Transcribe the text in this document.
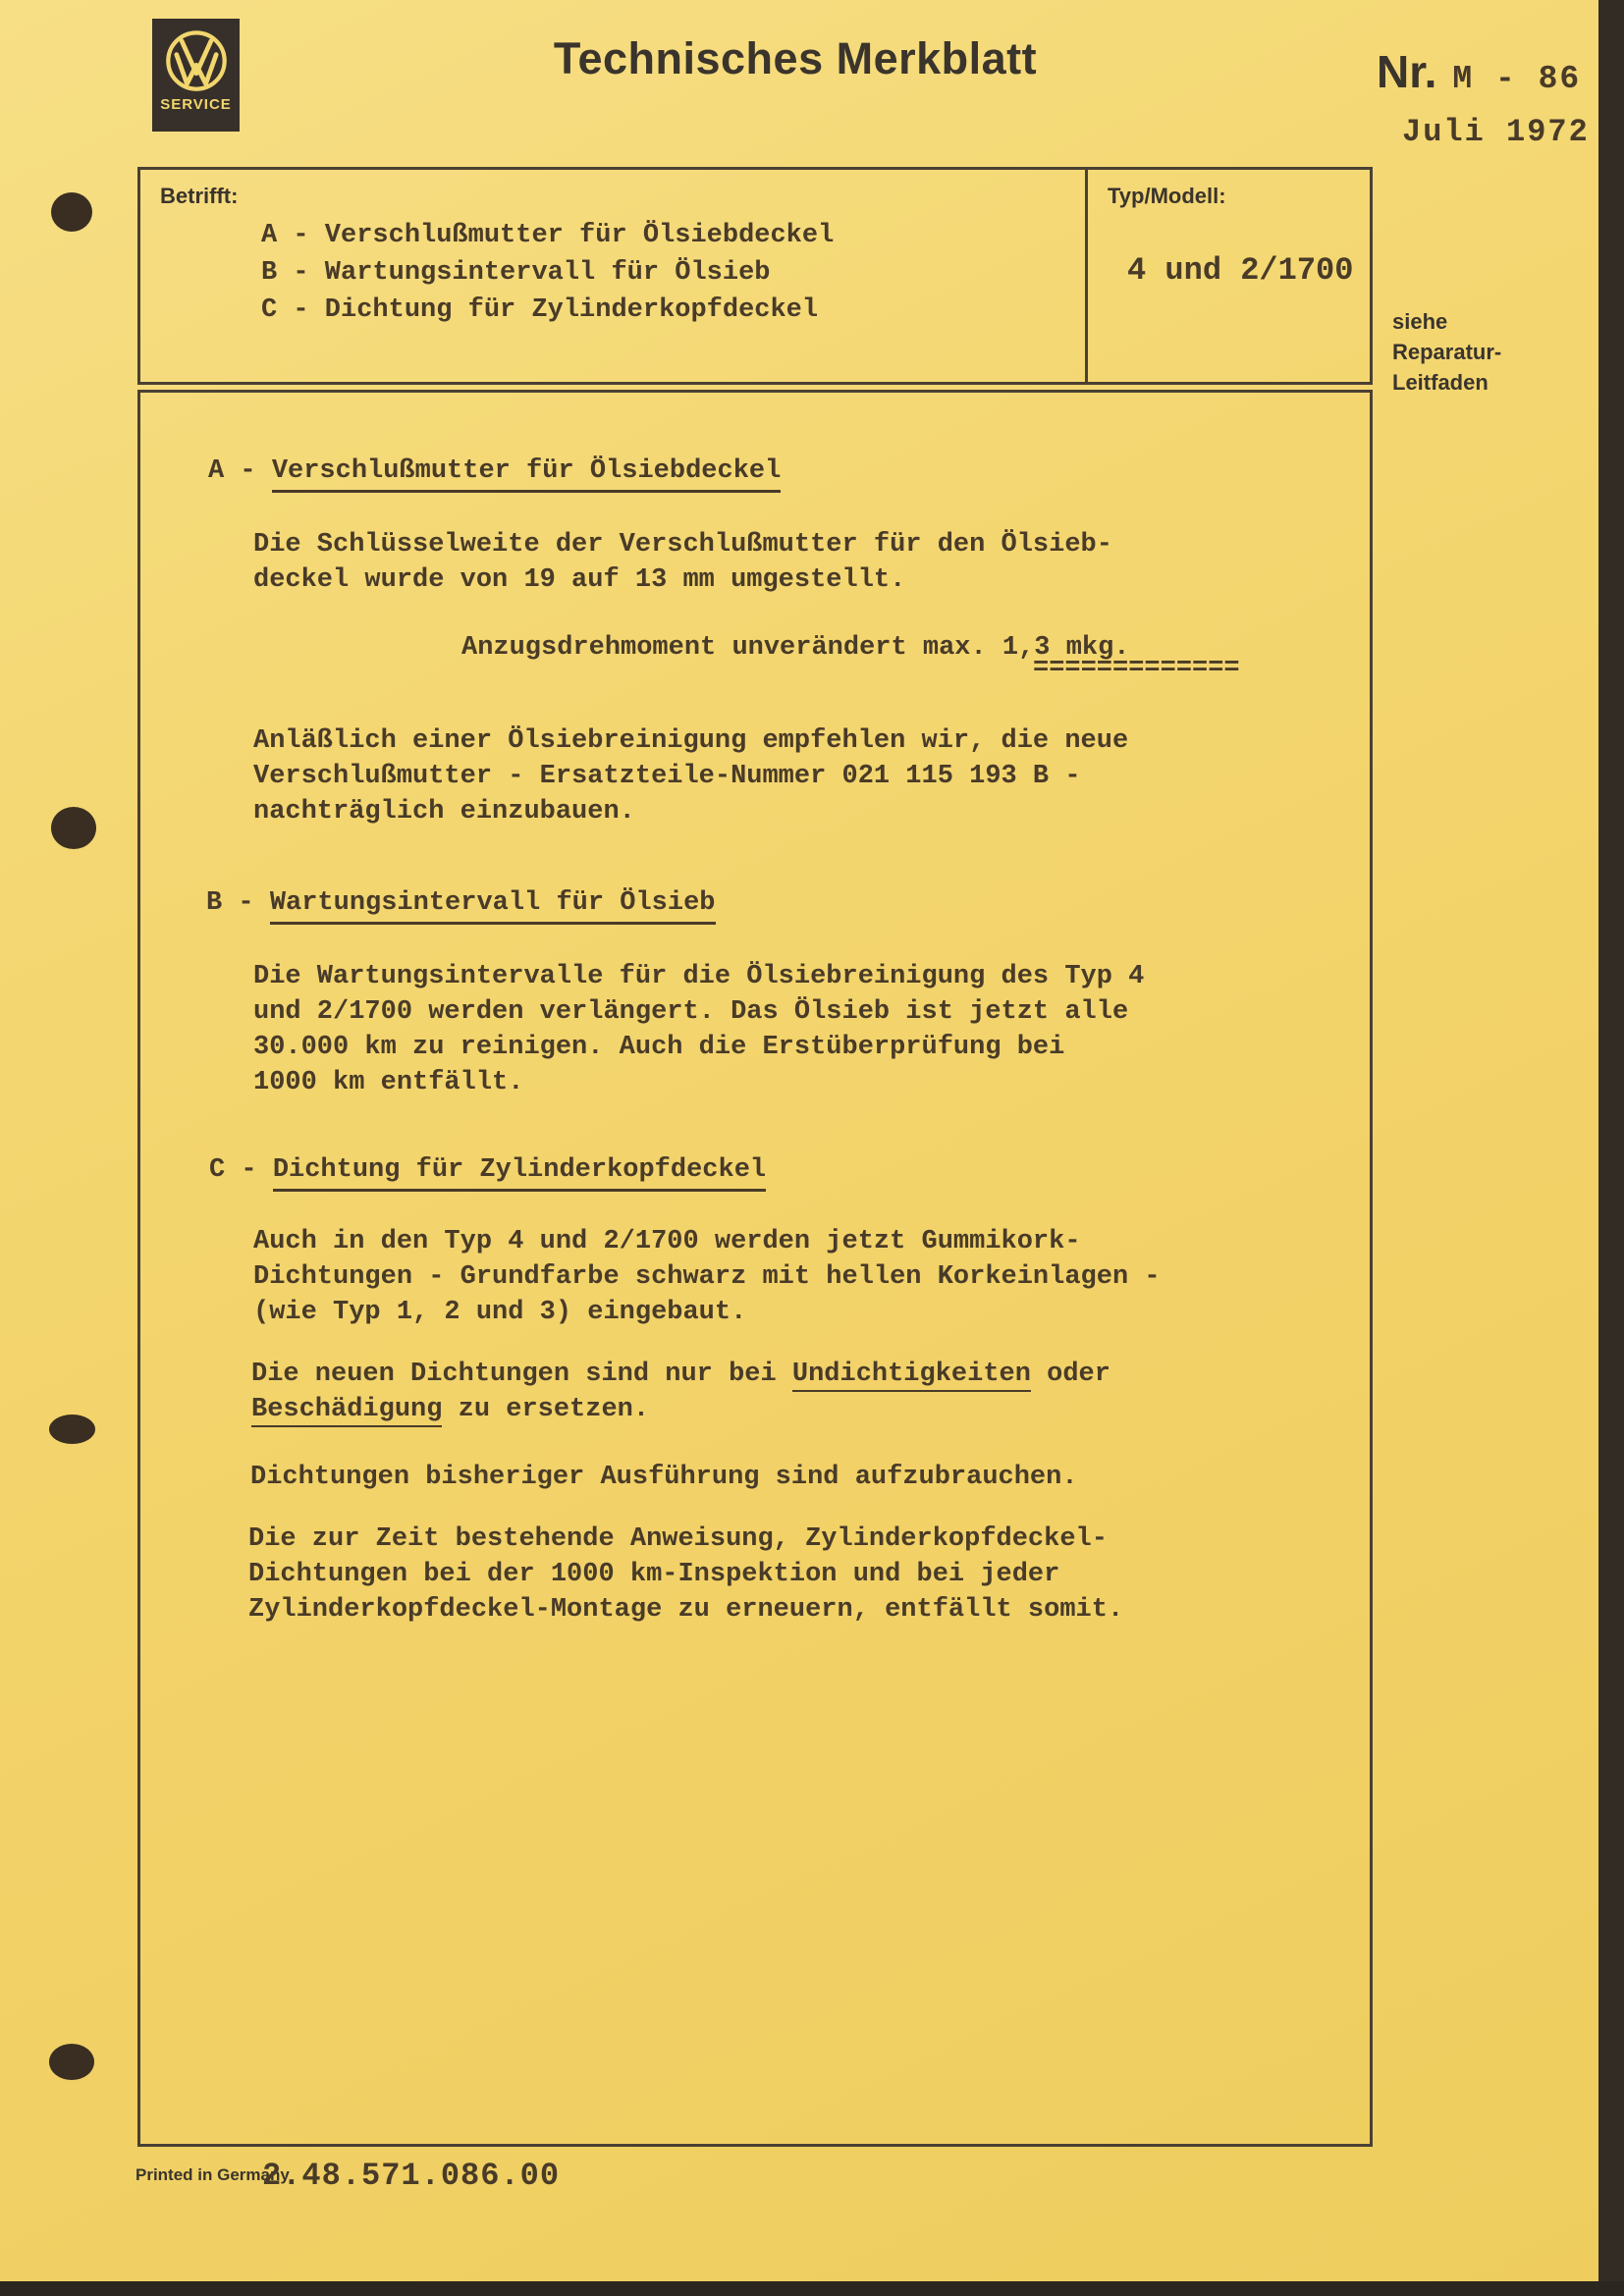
SERVICE
Technisches Merkblatt	Nr. M - 86
Juli 1972
Betrifft:
A - Verschlußmutter für Ölsiebdeckel
B - Wartungsintervall für Ölsieb
C - Dichtung für Zylinderkopfdeckel
Typ/Modell:
4 und 2/1700
siehe
Reparatur-
Leitfaden
A - Verschlußmutter für Ölsiebdeckel
Die Schlüsselweite der Verschlußmutter für den Ölsieb-
deckel wurde von 19 auf 13 mm umgestellt.
Anzugsdrehmoment unverändert max. 1,3 mkg.
=============
Anläßlich einer Ölsiebreinigung empfehlen wir, die neue
Verschlußmutter - Ersatzteile-Nummer 021 115 193 B -
nachträglich einzubauen.
B - Wartungsintervall für Ölsieb
Die Wartungsintervalle für die Ölsiebreinigung des Typ 4
und 2/1700 werden verlängert. Das Ölsieb ist jetzt alle
30.000 km zu reinigen. Auch die Erstüberprüfung bei
1000 km entfällt.
C - Dichtung für Zylinderkopfdeckel
Auch in den Typ 4 und 2/1700 werden jetzt Gummikork-
Dichtungen - Grundfarbe schwarz mit hellen Korkeinlagen -
(wie Typ 1, 2 und 3) eingebaut.
Die neuen Dichtungen sind nur bei Undichtigkeiten oder
Beschädigung zu ersetzen.
Dichtungen bisheriger Ausführung sind aufzubrauchen.
Die zur Zeit bestehende Anweisung, Zylinderkopfdeckel-
Dichtungen bei der 1000 km-Inspektion und bei jeder
Zylinderkopfdeckel-Montage zu erneuern, entfällt somit.
Printed in Germany
2.48.571.086.00
